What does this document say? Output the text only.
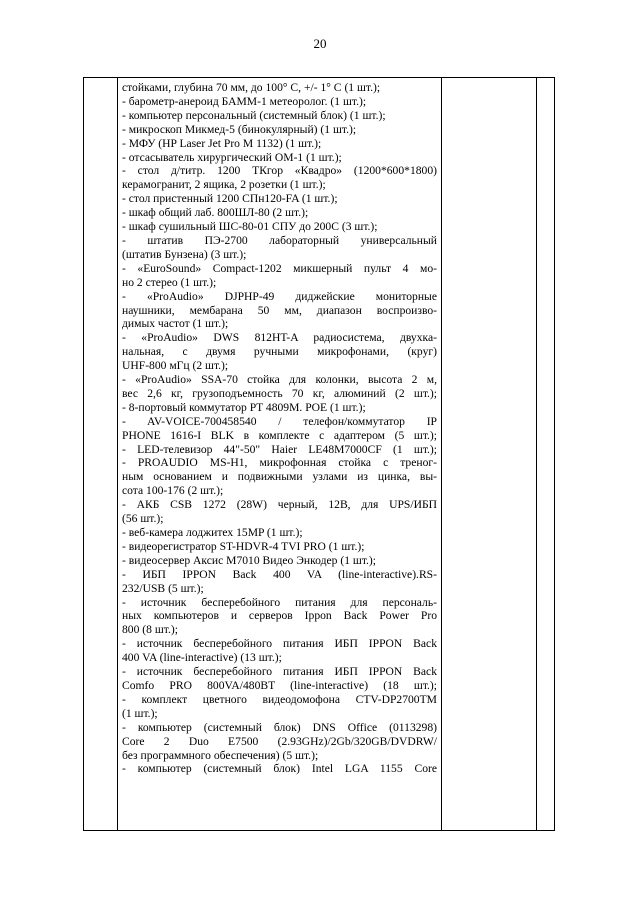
20

стойками, глубина 70 мм, до 100° С, +/- 1° С (1 шт.);
- барометр-анероид БАММ-1 метеоролог. (1 шт.);
- компьютер персональный (системный блок) (1 шт.);
- микроскоп Микмед-5 (бинокулярный) (1 шт.);
- МФУ (HP Laser Jet Pro M 1132) (1 шт.);
- отсасыватель хирургический ОМ-1 (1 шт.);
- стол д/титр. 1200 ТКгор «Квадро» (1200*600*1800)
керамогранит, 2 ящика, 2 розетки (1 шт.);
- стол пристенный 1200 СПн120-FA (1 шт.);
- шкаф общий лаб. 800ШЛ-80 (2 шт.);
- шкаф сушильный ШС-80-01 СПУ до 200С (3 шт.);
- штатив ПЭ-2700 лабораторный универсальный
(штатив Бунзена) (3 шт.);
- «EuroSound» Compact-1202 микшерный пульт 4 мо-
но 2 стерео (1 шт.);
- «ProAudio» DJPHP-49 диджейские мониторные
наушники, мембарана 50 мм, диапазон воспроизво-
димых частот (1 шт.);
- «ProAudio» DWS 812HT-A радиосистема, двухка-
нальная, с двумя ручными микрофонами, (круг)
UHF-800 мГц (2 шт.);
- «ProAudio» SSA-70 стойка для колонки, высота 2 м,
вес 2,6 кг, грузоподъемность 70 кг, алюминий (2 шт.);
- 8-портовый коммутатор PT 4809M. POE (1 шт.);
- AV-VOICE-700458540 / телефон/коммутатор IP
PHONE 1616-I BLK в комплекте с адаптером (5 шт.);
- LED-телевизор 44"-50" Haier LE48M7000CF (1 шт.);
- PROAUDIO MS-H1, микрофонная стойка с треног-
ным основанием и подвижными узлами из цинка, вы-
сота 100-176 (2 шт.);
- АКБ CSB 1272 (28W) черный, 12В, для UPS/ИБП
(56 шт.);
- веб-камера лоджитех 15MP (1 шт.);
- видеорегистратор ST-HDVR-4 TVI PRO (1 шт.);
- видеосервер Аксис M7010 Видео Энкодер (1 шт.);
- ИБП IPPON Back 400 VA (line-interactive).RS-
232/USB (5 шт.);
- источник бесперебойного питания для персональ-
ных компьютеров и серверов Ippon Back Power Pro
800 (8 шт.);
- источник бесперебойного питания ИБП IPPON Back
400 VA (line-interactive) (13 шт.);
- источник бесперебойного питания ИБП IPPON Back
Comfo PRO 800VA/480BT (line-interactive) (18 шт.);
- комплект цветного видеодомофона CTV-DP2700TM
(1 шт.);
- компьютер (системный блок) DNS Office (0113298)
Core 2 Duo E7500 (2.93GHz)/2Gb/320GB/DVDRW/
без программного обеспечения) (5 шт.);
- компьютер (системный блок) Intel LGA 1155 Core
